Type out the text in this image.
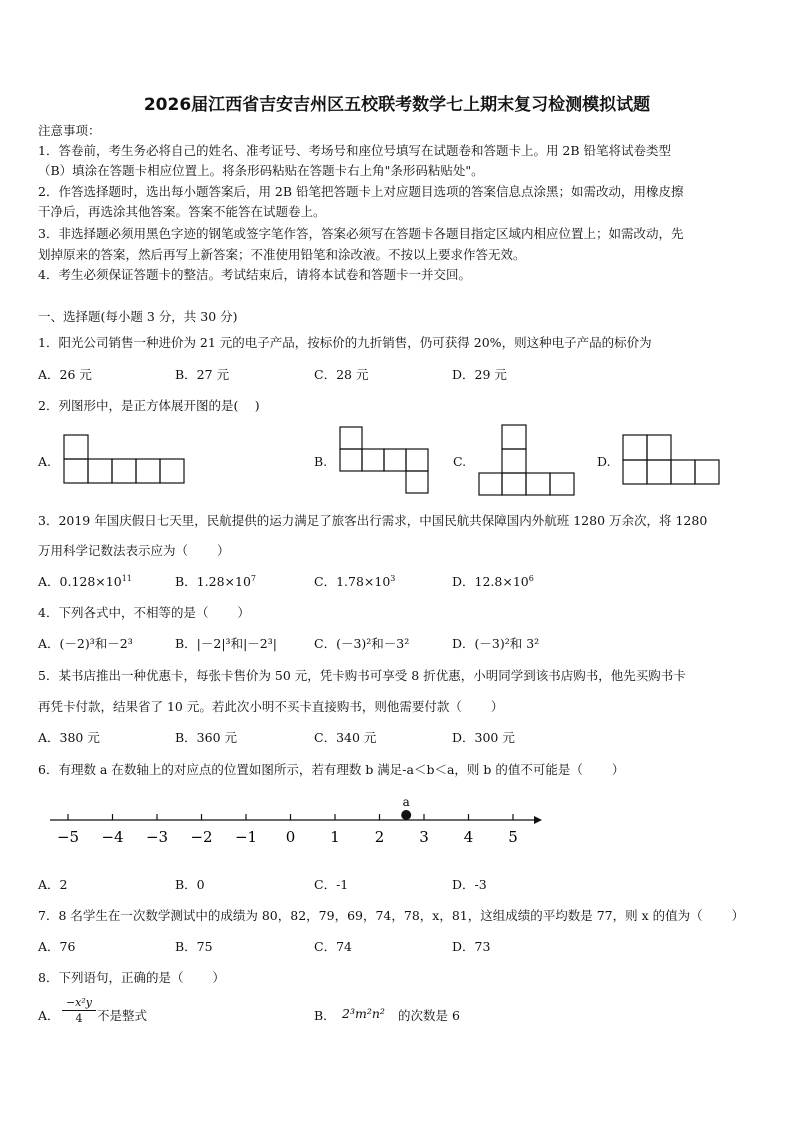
2026届江西省吉安吉州区五校联考数学七上期末复习检测模拟试题
注意事项：
1．答卷前，考生务必将自己的姓名、准考证号、考场号和座位号填写在试题卷和答题卡上。用 2B 铅笔将试卷类型
（B）填涂在答题卡相应位置上。将条形码粘贴在答题卡右上角"条形码粘贴处"。
2．作答选择题时，选出每小题答案后，用 2B 铅笔把答题卡上对应题目选项的答案信息点涂黑；如需改动，用橡皮擦
干净后，再选涂其他答案。答案不能答在试题卷上。
3．非选择题必须用黑色字迹的钢笔或签字笔作答，答案必须写在答题卡各题目指定区域内相应位置上；如需改动，先
划掉原来的答案，然后再写上新答案；不准使用铅笔和涂改液。不按以上要求作答无效。
4．考生必须保证答题卡的整洁。考试结束后，请将本试卷和答题卡一并交回。
一、选择题(每小题 3 分，共 30 分)
1．阳光公司销售一种进价为 21 元的电子产品，按标价的九折销售，仍可获得 20%，则这种电子产品的标价为
A．26 元	B．27 元	C．28 元	D．29 元
2．列图形中，是正方体展开图的是(　 )
A.	B.	C.	D.
3．2019 年国庆假日七天里，民航提供的运力满足了旅客出行需求，中国民航共保障国内外航班 1280 万余次，将 1280
万用科学记数法表示应为（　　 ）
A．$0.128\times 10^{11}$	B．$1.28\times 10^7$	C．$1.78\times 10^3$	D．$12.8\times 10^6$
4．下列各式中，不相等的是（　　 ）
A．(－2)³和－2³	B．|－2|³和|－2³|	C．(－3)²和－3²	D．(－3)²和 3²
5．某书店推出一种优惠卡，每张卡售价为 50 元，凭卡购书可享受 8 折优惠，小明同学到该书店购书，他先买购书卡
再凭卡付款，结果省了 10 元。若此次小明不买卡直接购书，则他需要付款（　　 ）
A．380 元	B．360 元	C．340 元	D．300 元
6．有理数 a 在数轴上的对应点的位置如图所示，若有理数 b 满足-a＜b＜a，则 b 的值不可能是（　　 ）
−5 −4 −3 −2 −1 0 1 2 3 4 5
a
A．2	B．0	C．-1	D．-3
7．8 名学生在一次数学测试中的成绩为 80，82，79，69，74，78，x，81，这组成绩的平均数是 77，则 x 的值为（　　 ）
A．76	B．75	C．74	D．73
8．下列语句，正确的是（　　 ）
A． $\frac{\text{−x²y}}{4}$ 不是整式	B． 2³m²n² 的次数是 6
